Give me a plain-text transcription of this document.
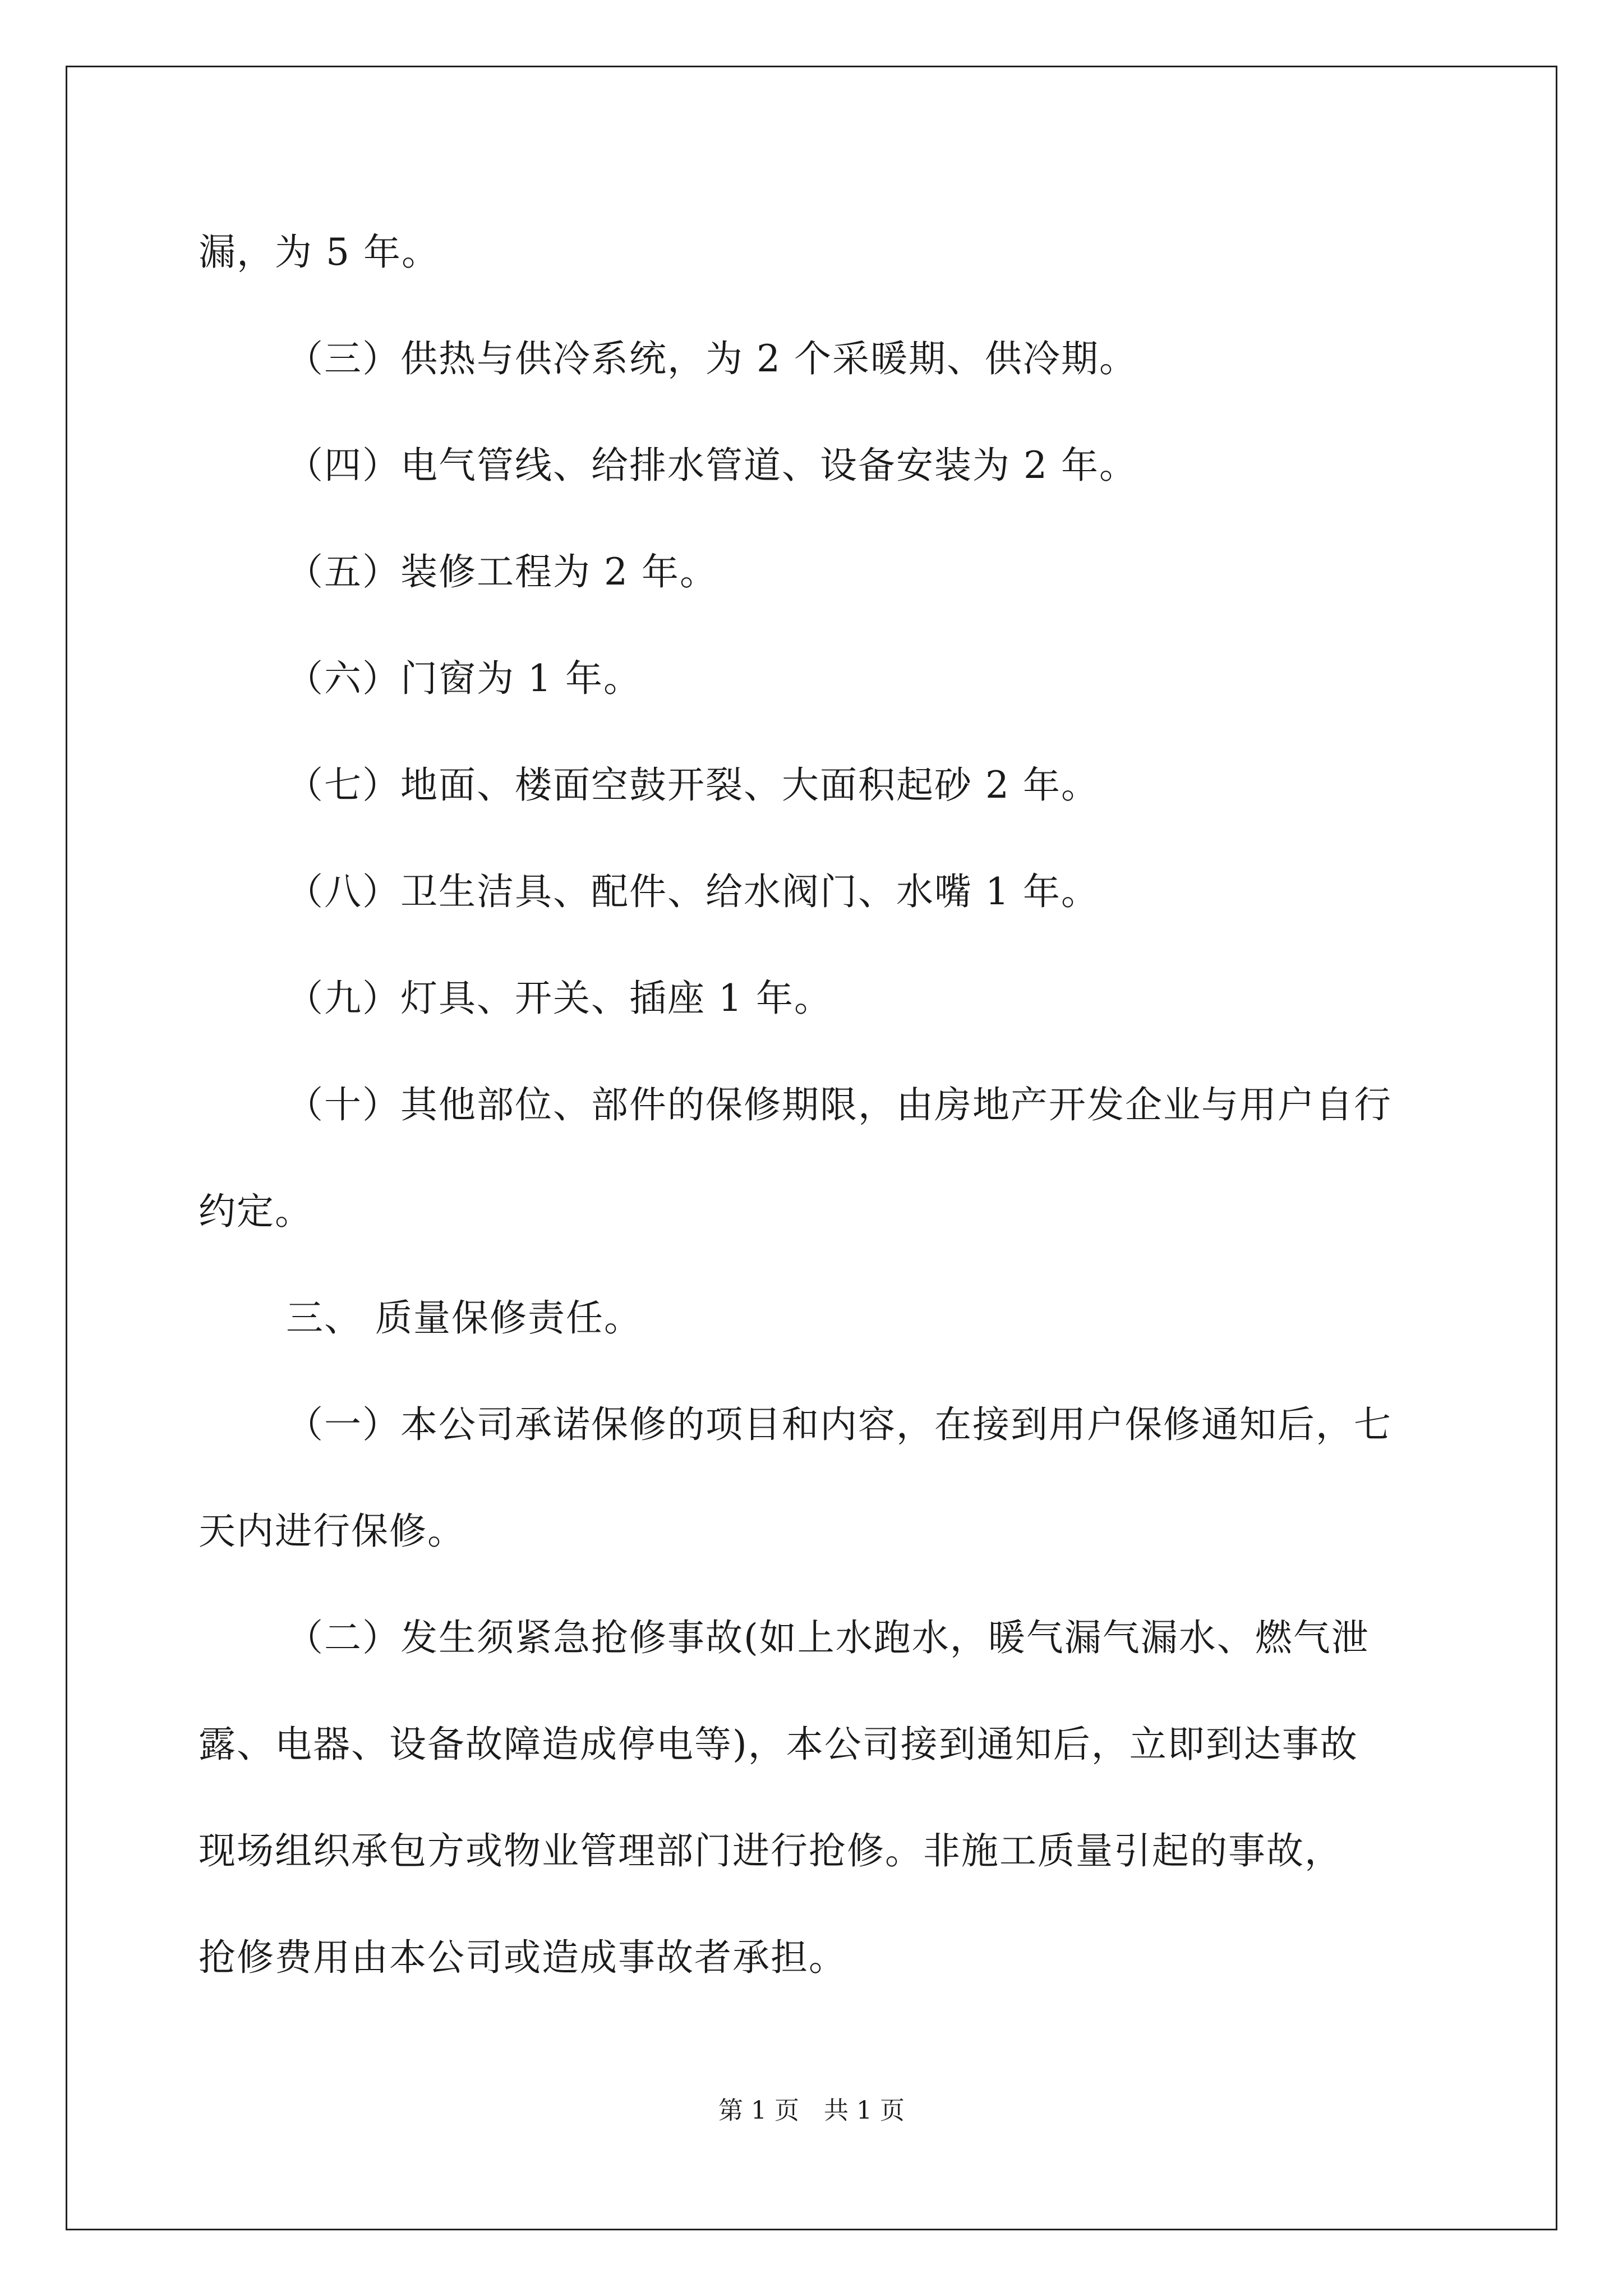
漏，为 5 年。
（三）供热与供冷系统，为 2 个采暖期、供冷期。
（四）电气管线、给排水管道、设备安装为 2 年。
（五）装修工程为 2 年。
（六）门窗为 1 年。
（七）地面、楼面空鼓开裂、大面积起砂 2 年。
（八）卫生洁具、配件、给水阀门、水嘴 1 年。
（九）灯具、开关、插座 1 年。
（十）其他部位、部件的保修期限，由房地产开发企业与用户自行
约定。
三、 质量保修责任。
（一）本公司承诺保修的项目和内容，在接到用户保修通知后，七
天内进行保修。
（二）发生须紧急抢修事故(如上水跑水，暖气漏气漏水、燃气泄
露、电器、设备故障造成停电等)，本公司接到通知后，立即到达事故
现场组织承包方或物业管理部门进行抢修。非施工质量引起的事故，
抢修费用由本公司或造成事故者承担。
第 1 页　共 1 页
